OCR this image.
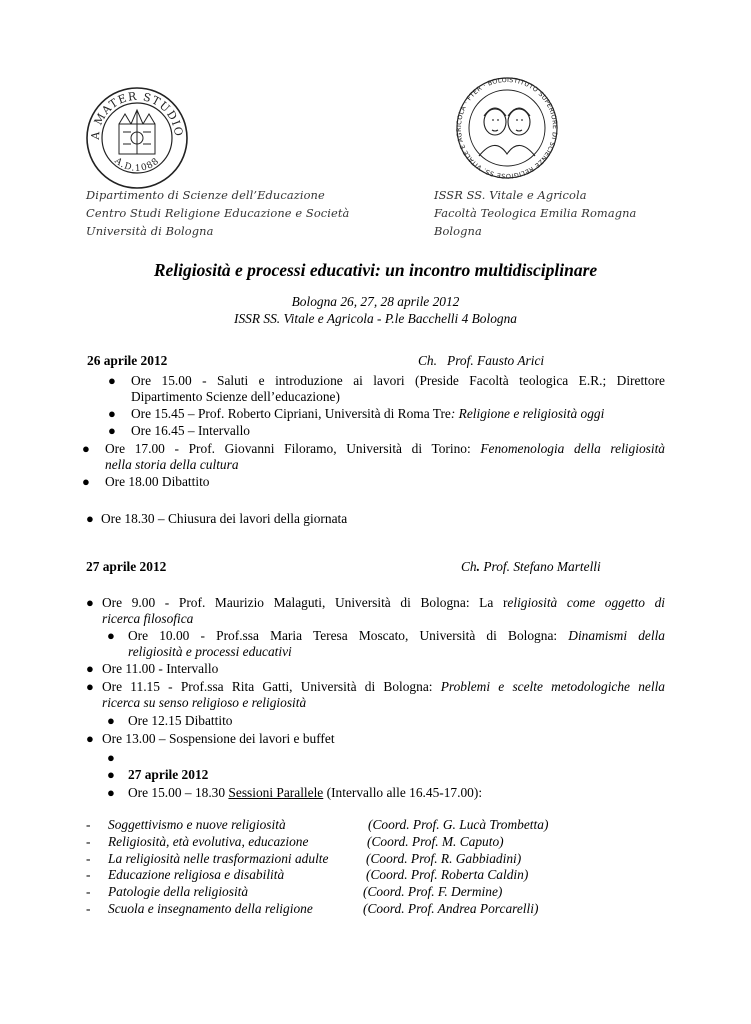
A MATER STUDIO
A.D.1088
ISTITUTO SUPERIORE DI SCIENZE RELIGIOSE SS. VITALE E AGRICOLA · FTER · BOLO
Dipartimento di Scienze dell’Educazione
Centro Studi Religione Educazione e Società
Università di Bologna
ISSR SS. Vitale e Agricola
Facoltà Teologica Emilia Romagna
Bologna
Religiosità e processi educativi: un incontro multidisciplinare
Bologna 26, 27, 28 aprile 2012
ISSR SS. Vitale e Agricola - P.le Bacchelli 4 Bologna
26 aprile 2012	Ch. Prof. Fausto Arici
● Ore 15.00 - Saluti e introduzione ai lavori (Preside Facoltà teologica E.R.; Direttore
Dipartimento Scienze dell’educazione)
● Ore 15.45 – Prof. Roberto Cipriani, Università di Roma Tre: Religione e religiosità oggi
● Ore 16.45 – Intervallo
● Ore 17.00 - Prof. Giovanni Filoramo, Università di Torino: Fenomenologia della religiosità
nella storia della cultura
● Ore 18.00 Dibattito
● Ore 18.30 – Chiusura dei lavori della giornata
27 aprile 2012	Ch. Prof. Stefano Martelli
● Ore 9.00 - Prof. Maurizio Malaguti, Università di Bologna: La religiosità come oggetto di
ricerca filosofica
● Ore 10.00 - Prof.ssa Maria Teresa Moscato, Università di Bologna: Dinamismi della
religiosità e processi educativi
● Ore 11.00 - Intervallo
● Ore 11.15 - Prof.ssa Rita Gatti, Università di Bologna: Problemi e scelte metodologiche nella
ricerca su senso religioso e religiosità
● Ore 12.15 Dibattito
● Ore 13.00 – Sospensione dei lavori e buffet
●
● 27 aprile 2012
● Ore 15.00 – 18.30 Sessioni Parallele (Intervallo alle 16.45-17.00):
- Soggettivismo e nuove religiosità	(Coord. Prof. G. Lucà Trombetta)
- Religiosità, età evolutiva, educazione	(Coord. Prof. M. Caputo)
- La religiosità nelle trasformazioni adulte	(Coord. Prof. R. Gabbiadini)
- Educazione religiosa e disabilità	(Coord. Prof. Roberta Caldin)
- Patologie della religiosità	(Coord. Prof. F. Dermine)
- Scuola e insegnamento della religione	(Coord. Prof. Andrea Porcarelli)
